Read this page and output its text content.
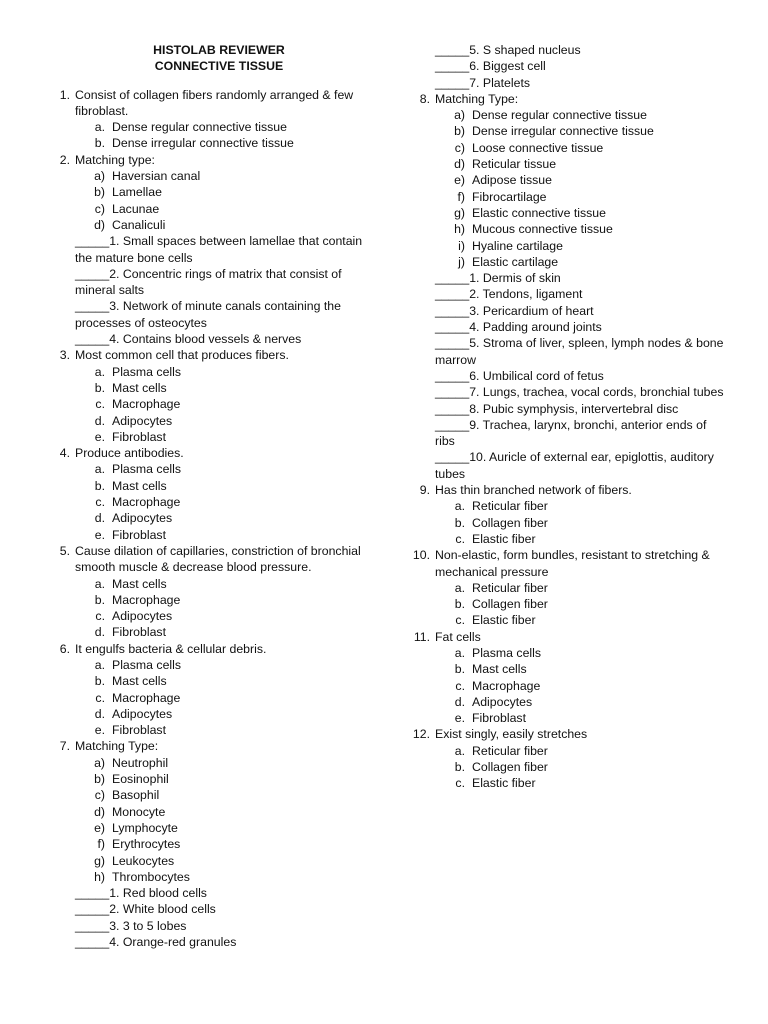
HISTOLAB REVIEWER
CONNECTIVE TISSUE
1. Consist of collagen fibers randomly arranged & few fibroblast.
a. Dense regular connective tissue
b. Dense irregular connective tissue
2. Matching type:
a) Haversian canal
b) Lamellae
c) Lacunae
d) Canaliculi
_____1. Small spaces between lamellae that contain the mature bone cells
_____2. Concentric rings of matrix that consist of mineral salts
_____3. Network of minute canals containing the processes of osteocytes
_____4. Contains blood vessels & nerves
3. Most common cell that produces fibers.
a. Plasma cells
b. Mast cells
c. Macrophage
d. Adipocytes
e. Fibroblast
4. Produce antibodies.
a. Plasma cells
b. Mast cells
c. Macrophage
d. Adipocytes
e. Fibroblast
5. Cause dilation of capillaries, constriction of bronchial smooth muscle & decrease blood pressure.
a. Mast cells
b. Macrophage
c. Adipocytes
d. Fibroblast
6. It engulfs bacteria & cellular debris.
a. Plasma cells
b. Mast cells
c. Macrophage
d. Adipocytes
e. Fibroblast
7. Matching Type:
a) Neutrophil
b) Eosinophil
c) Basophil
d) Monocyte
e) Lymphocyte
f) Erythrocytes
g) Leukocytes
h) Thrombocytes
_____1. Red blood cells
_____2. White blood cells
_____3. 3 to 5 lobes
_____4. Orange-red granules
_____5. S shaped nucleus
_____6. Biggest cell
_____7. Platelets
8. Matching Type:
a) Dense regular connective tissue
b) Dense irregular connective tissue
c) Loose connective tissue
d) Reticular tissue
e) Adipose tissue
f) Fibrocartilage
g) Elastic connective tissue
h) Mucous connective tissue
i) Hyaline cartilage
j) Elastic cartilage
_____1. Dermis of skin
_____2. Tendons, ligament
_____3. Pericardium of heart
_____4. Padding around joints
_____5. Stroma of liver, spleen, lymph nodes & bone marrow
_____6. Umbilical cord of fetus
_____7. Lungs, trachea, vocal cords, bronchial tubes
_____8. Pubic symphysis, intervertebral disc
_____9. Trachea, larynx, bronchi, anterior ends of ribs
_____10. Auricle of external ear, epiglottis, auditory tubes
9. Has thin branched network of fibers.
a. Reticular fiber
b. Collagen fiber
c. Elastic fiber
10. Non-elastic, form bundles, resistant to stretching & mechanical pressure
a. Reticular fiber
b. Collagen fiber
c. Elastic fiber
11. Fat cells
a. Plasma cells
b. Mast cells
c. Macrophage
d. Adipocytes
e. Fibroblast
12. Exist singly, easily stretches
a. Reticular fiber
b. Collagen fiber
c. Elastic fiber
